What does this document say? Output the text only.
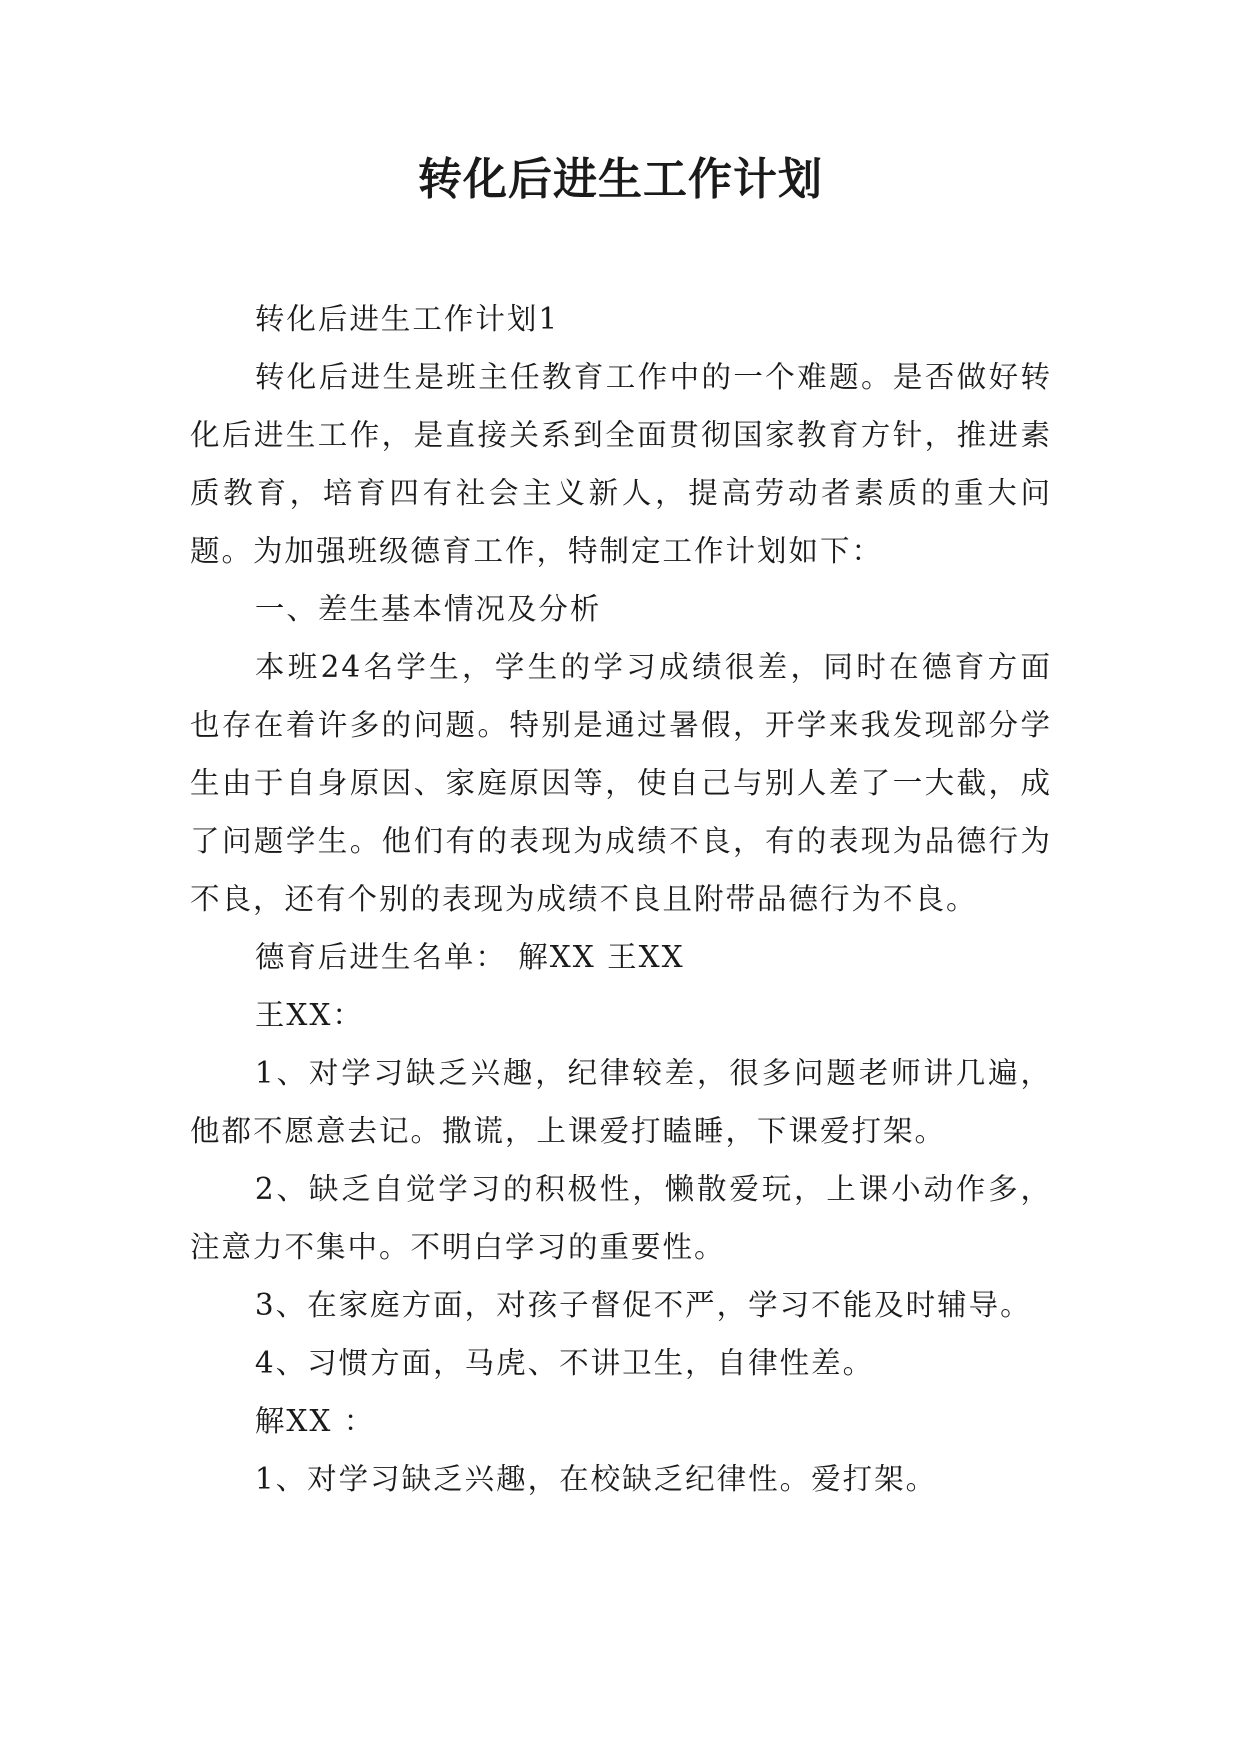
转化后进生工作计划

转化后进生工作计划1

转化后进生是班主任教育工作中的一个难题。是否做好转化后进生工作，是直接关系到全面贯彻国家教育方针，推进素质教育，培育四有社会主义新人，提高劳动者素质的重大问题。为加强班级德育工作，特制定工作计划如下：

一、差生基本情况及分析

本班24名学生，学生的学习成绩很差，同时在德育方面也存在着许多的问题。特别是通过暑假，开学来我发现部分学生由于自身原因、家庭原因等，使自己与别人差了一大截，成了问题学生。他们有的表现为成绩不良，有的表现为品德行为不良，还有个别的表现为成绩不良且附带品德行为不良。

德育后进生名单： 解XX 王XX

王XX：

1、对学习缺乏兴趣，纪律较差，很多问题老师讲几遍，他都不愿意去记。撒谎，上课爱打瞌睡，下课爱打架。

2、缺乏自觉学习的积极性，懒散爱玩，上课小动作多，注意力不集中。不明白学习的重要性。

3、在家庭方面，对孩子督促不严，学习不能及时辅导。

4、习惯方面，马虎、不讲卫生，自律性差。

解XX ：

1、对学习缺乏兴趣，在校缺乏纪律性。爱打架。
